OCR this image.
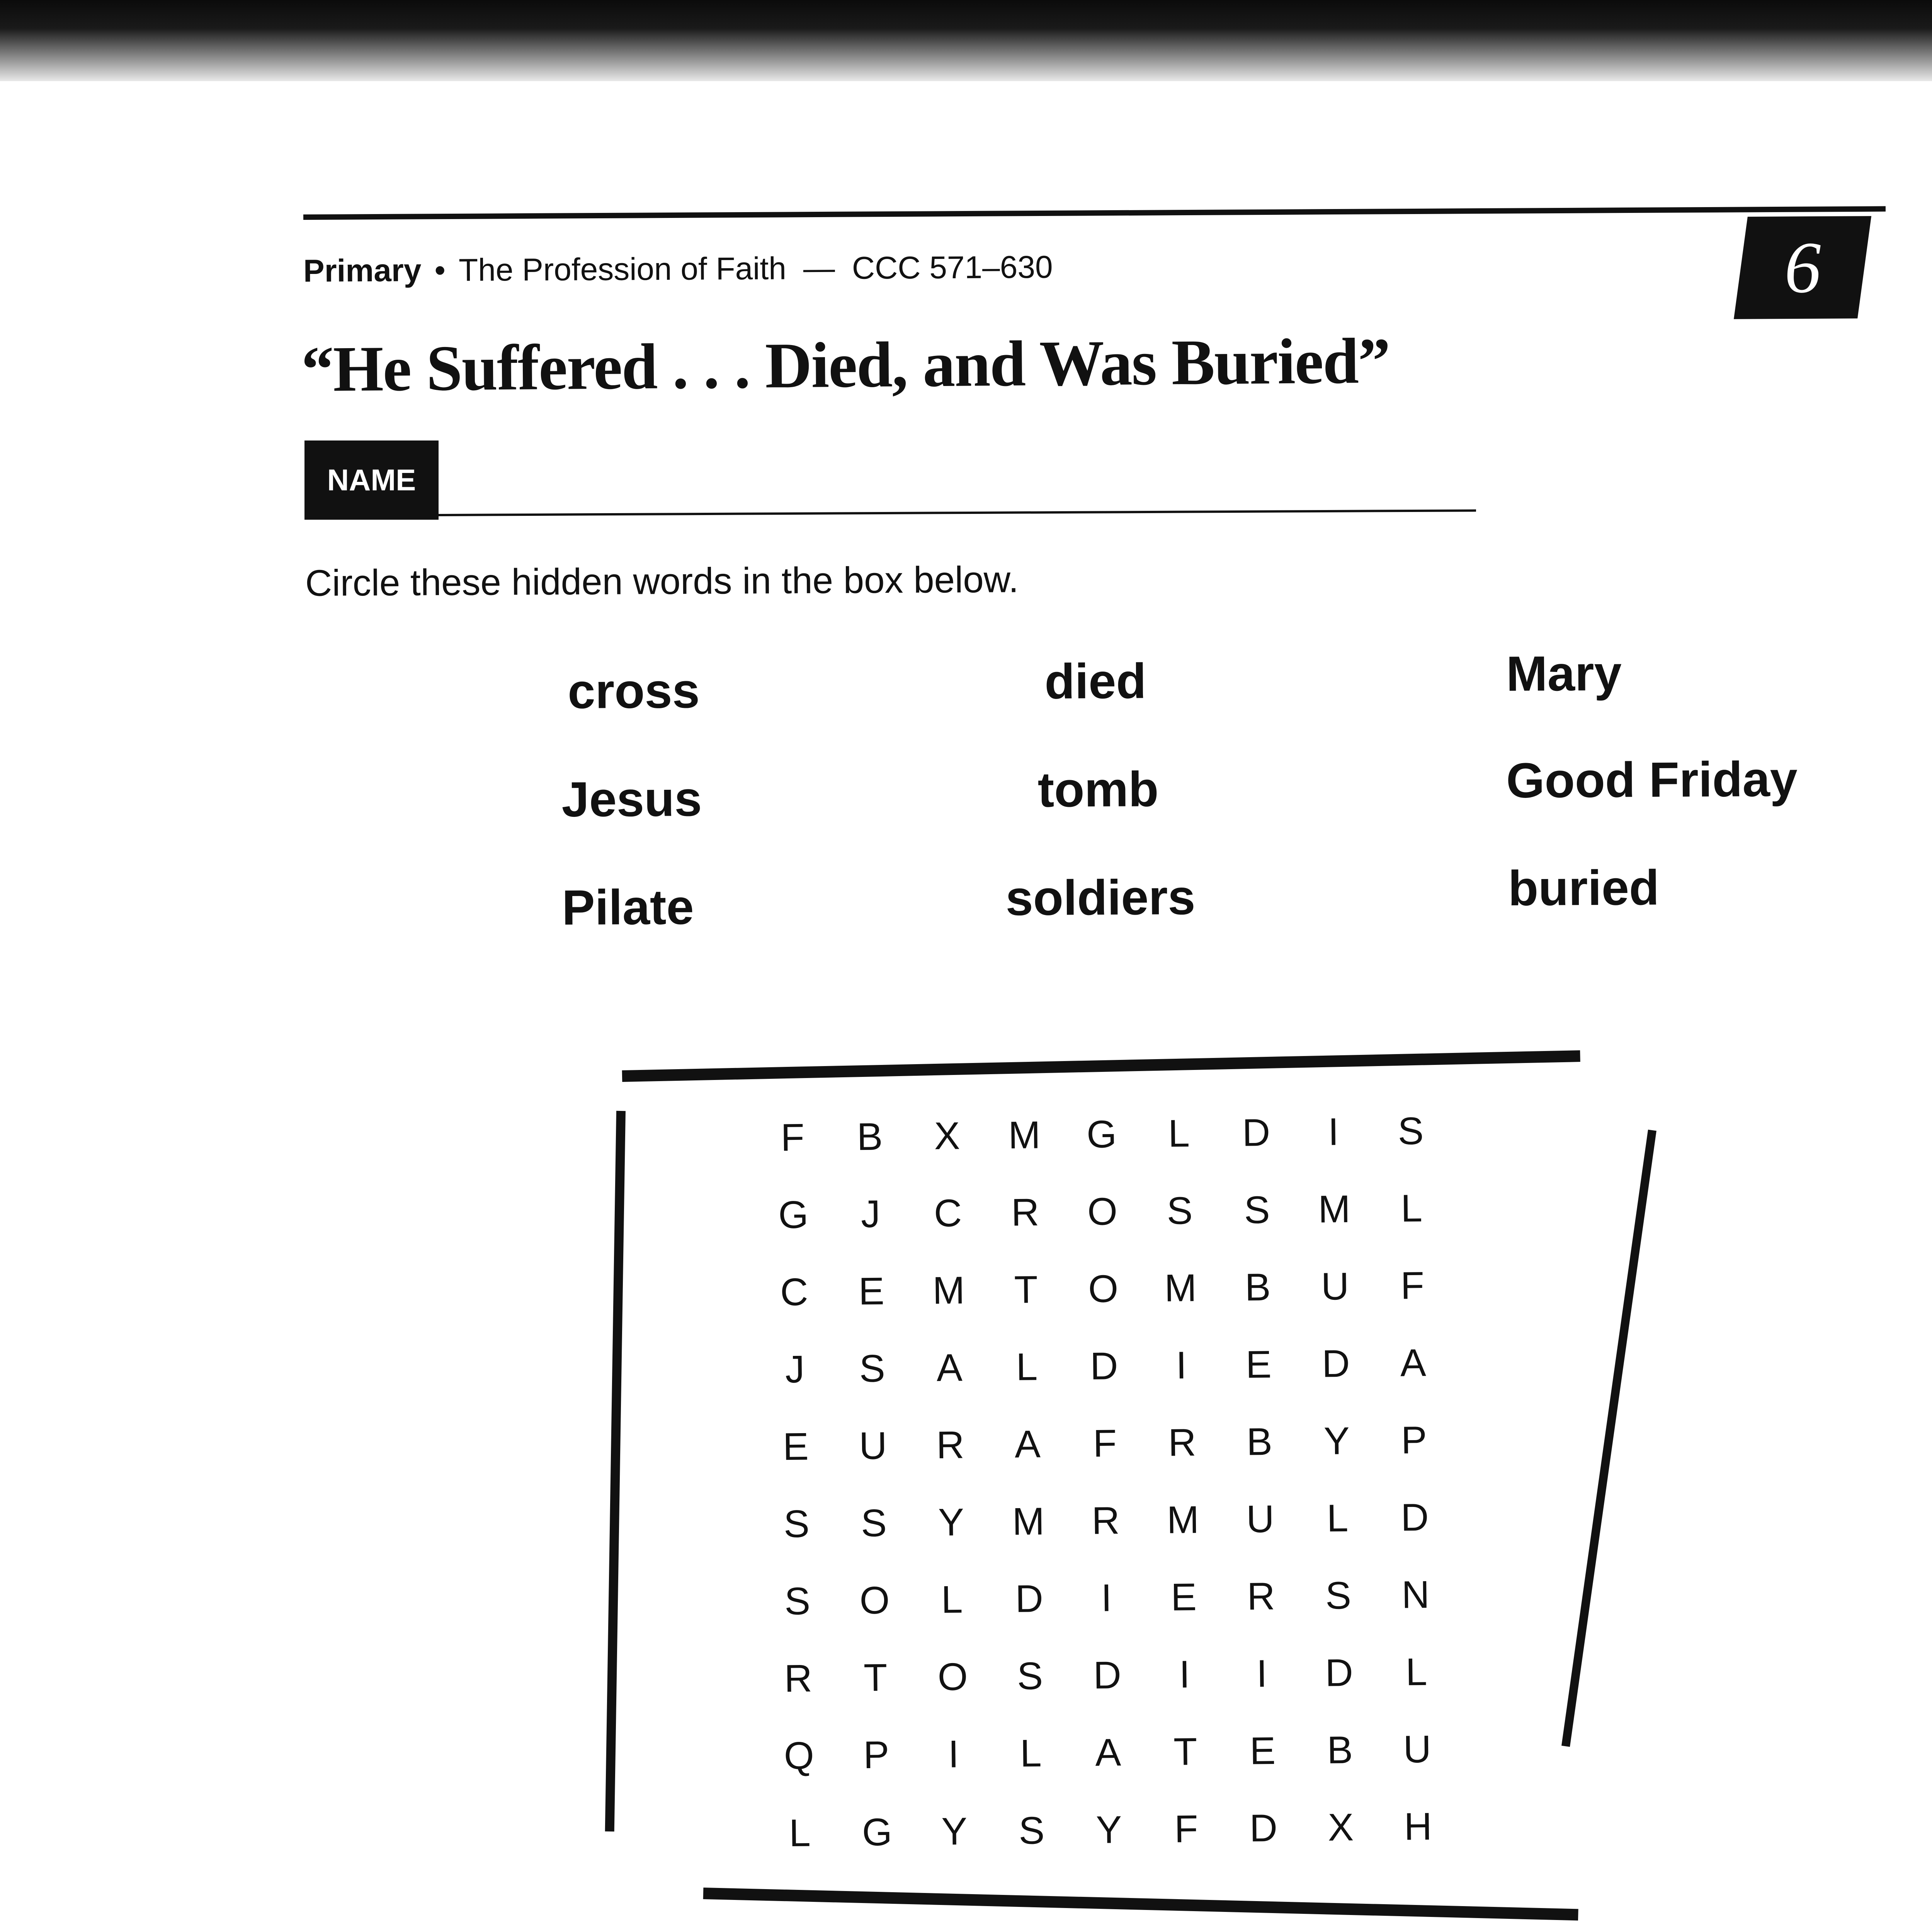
Primary • The Profession of Faith — CCC 571–630	6
“He Suffered . . . Died, and Was Buried”
NAME
Circle these hidden words in the box below.
cross
Jesus
Pilate
died
tomb
soldiers
Mary
Good Friday
buried
F	B	X	M	G	L	D	I	S
G	J	C	R	O	S	S	M	L
C	E	M	T	O	M	B	U	F
J	S	A	L	D	I	E	D	A
E	U	R	A	F	R	B	Y	P
S	S	Y	M	R	M	U	L	D
S	O	L	D	I	E	R	S	N
R	T	O	S	D	I	I	D	L
Q	P	I	L	A	T	E	B	U
L	G	Y	S	Y	F	D	X	H
